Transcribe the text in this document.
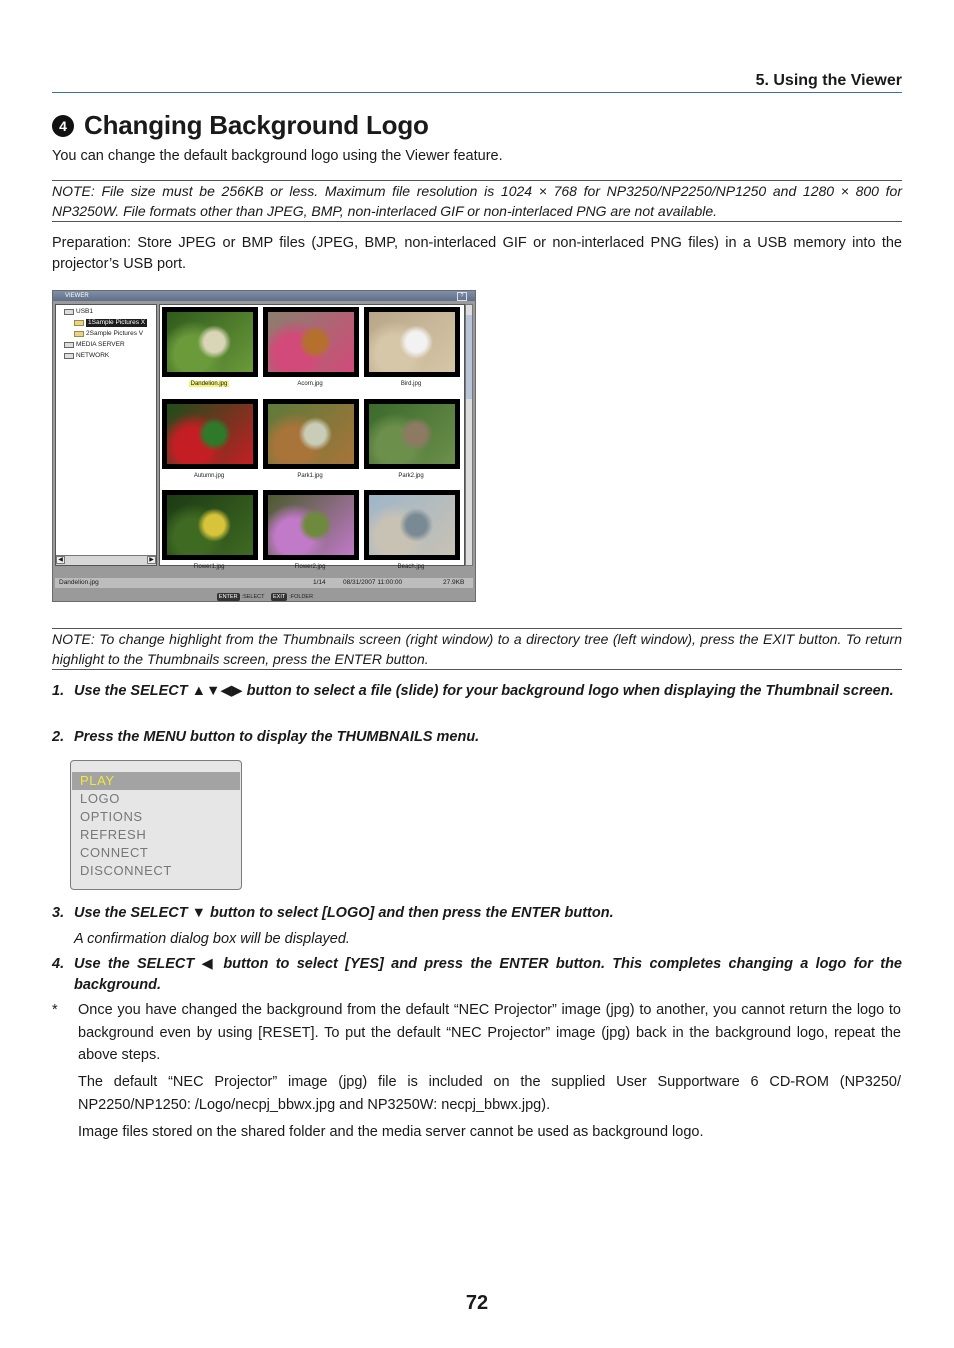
5. Using the Viewer
4 Changing Background Logo
You can change the default background logo using the Viewer feature.
NOTE: File size must be 256KB or less. Maximum file resolution is 1024 × 768 for NP3250/NP2250/NP1250 and 1280 × 800 for NP3250W. File formats other than JPEG, BMP, non-interlaced GIF or non-interlaced PNG are not available.
Preparation: Store JPEG or BMP files (JPEG, BMP, non-interlaced GIF or non-interlaced PNG files) in a USB memory into the projector’s USB port.
VIEWER	?
USB1
1Sample Pictures X
2Sample Pictures V
MEDIA SERVER
NETWORK
◀	▶
Dandelion.jpg	Acorn.jpg	Bird.jpg
Autumn.jpg	Park1.jpg	Park2.jpg
Flower1.jpg	Flower2.jpg	Beach.jpg
Dandelion.jpg	1/14	08/31/2007 11:00:00	27.9KB
ENTER :SELECT EXIT :FOLDER
NOTE: To change highlight from the Thumbnails screen (right window) to a directory tree (left window), press the EXIT button. To return highlight to the Thumbnails screen, press the ENTER button.
1. Use the SELECT ▲▼◀▶ button to select a file (slide) for your background logo when displaying the Thumbnail screen.
2. Press the MENU button to display the THUMBNAILS menu.
PLAY
LOGO
OPTIONS
REFRESH
CONNECT
DISCONNECT
3. Use the SELECT ▼ button to select [LOGO] and then press the ENTER button.
A confirmation dialog box will be displayed.
4. Use the SELECT ◀ button to select [YES] and press the ENTER button. This completes changing a logo for the background.
* Once you have changed the background from the default “NEC Projector” image (jpg) to another, you cannot return the logo to background even by using [RESET]. To put the default “NEC Projector” image (jpg) back in the background logo, repeat the above steps.
The default “NEC Projector” image (jpg) file is included on the supplied User Supportware 6 CD-ROM (NP3250/ NP2250/NP1250: /Logo/necpj_bbwx.jpg and NP3250W: necpj_bbwx.jpg).
Image files stored on the shared folder and the media server cannot be used as background logo.
72
